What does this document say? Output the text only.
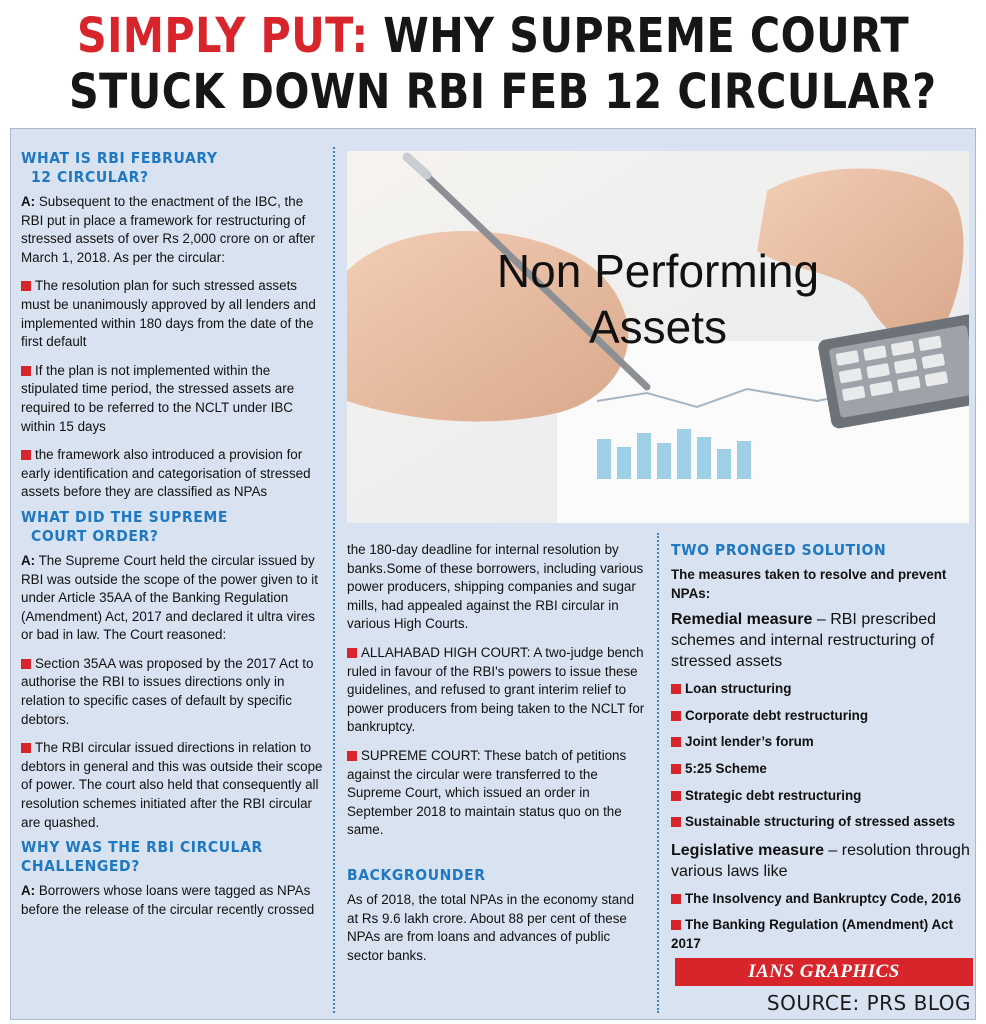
SIMPLY PUT: WHY SUPREME COURT
STUCK DOWN RBI FEB 12 CIRCULAR?
WHAT IS RBI FEBRUARY
12 CIRCULAR?
A: Subsequent to the enactment of the IBC, the RBI put in place a framework for restructuring of stressed assets of over Rs 2,000 crore on or after March 1, 2018. As per the circular:
The resolution plan for such stressed assets must be unanimously approved by all lenders and implemented within 180 days from the date of the first default
If the plan is not implemented within the stipulated time period, the stressed assets are required to be referred to the NCLT under IBC within 15 days
the framework also introduced a provision for early identification and categorisation of stressed assets before they are classified as NPAs
WHAT DID THE SUPREME
COURT ORDER?
A: The Supreme Court held the circular issued by RBI was outside the scope of the power given to it under Article 35AA of the Banking Regulation (Amendment) Act, 2017 and declared it ultra vires or bad in law. The Court reasoned:
Section 35AA was proposed by the 2017 Act to authorise the RBI to issues directions only in relation to specific cases of default by specific debtors.
The RBI circular issued directions in relation to debtors in general and this was outside their scope of power. The court also held that consequently all resolution schemes initiated after the RBI circular are quashed.
WHY WAS THE RBI CIRCULAR
CHALLENGED?
A: Borrowers whose loans were tagged as NPAs before the release of the circular recently crossed
Non Performing
Assets
the 180-day deadline for internal resolution by banks.Some of these borrowers, including various power producers, shipping companies and sugar mills, had appealed against the RBI circular in various High Courts.
ALLAHABAD HIGH COURT: A two-judge bench ruled in favour of the RBI's powers to issue these guidelines, and refused to grant interim relief to power producers from being taken to the NCLT for bankruptcy.
SUPREME COURT: These batch of petitions against the circular were transferred to the Supreme Court, which issued an order in September 2018 to maintain status quo on the same.
BACKGROUNDER
As of 2018, the total NPAs in the economy stand at Rs 9.6 lakh crore. About 88 per cent of these NPAs are from loans and advances of public sector banks.
TWO PRONGED SOLUTION
The measures taken to resolve and prevent NPAs:
Remedial measure – RBI prescribed schemes and internal restructuring of stressed assets
Loan structuring
Corporate debt restructuring
Joint lender’s forum
5:25 Scheme
Strategic debt restructuring
Sustainable structuring of stressed assets
Legislative measure – resolution through various laws like
The Insolvency and Bankruptcy Code, 2016
The Banking Regulation (Amendment) Act 2017
IANS GRAPHICS
SOURCE: PRS BLOG
